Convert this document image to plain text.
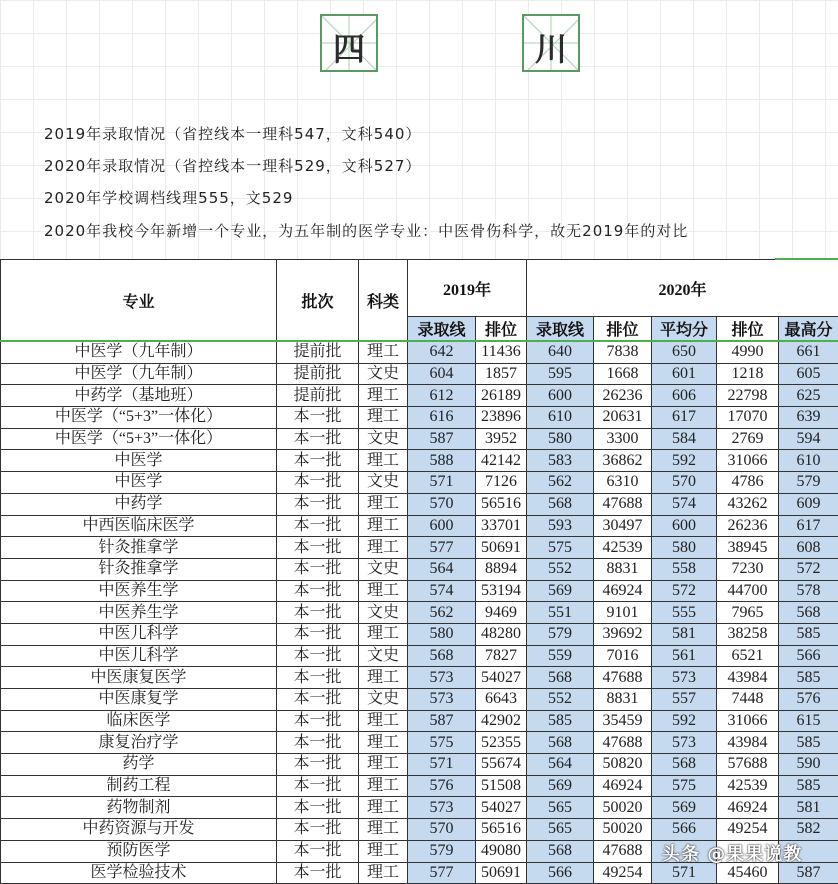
四	川
2019年录取情况（省控线本一理科547，文科540）
2020年录取情况（省控线本一理科529，文科527）
2020年学校调档线理555，文529
2020年我校今年新增一个专业，为五年制的医学专业：中医骨伤科学，故无2019年的对比
专业	批次	科类	2019年		2020年				
			录取线	排位	录取线	排位	平均分	排位	最高分
中医学（九年制）	提前批	理工	642	11436	640	7838	650	4990	661
中医学（九年制）	提前批	文史	604	1857	595	1668	601	1218	605
中药学（基地班）	提前批	理工	612	26189	600	26236	606	22798	625
中医学（“5+3”一体化）	本一批	理工	616	23896	610	20631	617	17070	639
中医学（“5+3”一体化）	本一批	文史	587	3952	580	3300	584	2769	594
中医学	本一批	理工	588	42142	583	36862	592	31066	610
中医学	本一批	文史	571	7126	562	6310	570	4786	579
中药学	本一批	理工	570	56516	568	47688	574	43262	609
中西医临床医学	本一批	理工	600	33701	593	30497	600	26236	617
针灸推拿学	本一批	理工	577	50691	575	42539	580	38945	608
针灸推拿学	本一批	文史	564	8894	552	8831	558	7230	572
中医养生学	本一批	理工	574	53194	569	46924	572	44700	578
中医养生学	本一批	文史	562	9469	551	9101	555	7965	568
中医儿科学	本一批	理工	580	48280	579	39692	581	38258	585
中医儿科学	本一批	文史	568	7827	559	7016	561	6521	566
中医康复医学	本一批	理工	573	54027	568	47688	573	43984	585
中医康复学	本一批	文史	573	6643	552	8831	557	7448	576
临床医学	本一批	理工	587	42902	585	35459	592	31066	615
康复治疗学	本一批	理工	575	52355	568	47688	573	43984	585
药学	本一批	理工	571	55674	564	50820	568	57688	590
制药工程	本一批	理工	576	51508	569	46924	575	42539	585
药物制剂	本一批	理工	573	54027	565	50020	569	46924	581
中药资源与开发	本一批	理工	570	56516	565	50020	566	49254	582
预防医学	本一批	理工	579	49080	568	47688			
医学检验技术	本一批	理工	577	50691	566	49254	571	45460	587
头条 @果果说教
